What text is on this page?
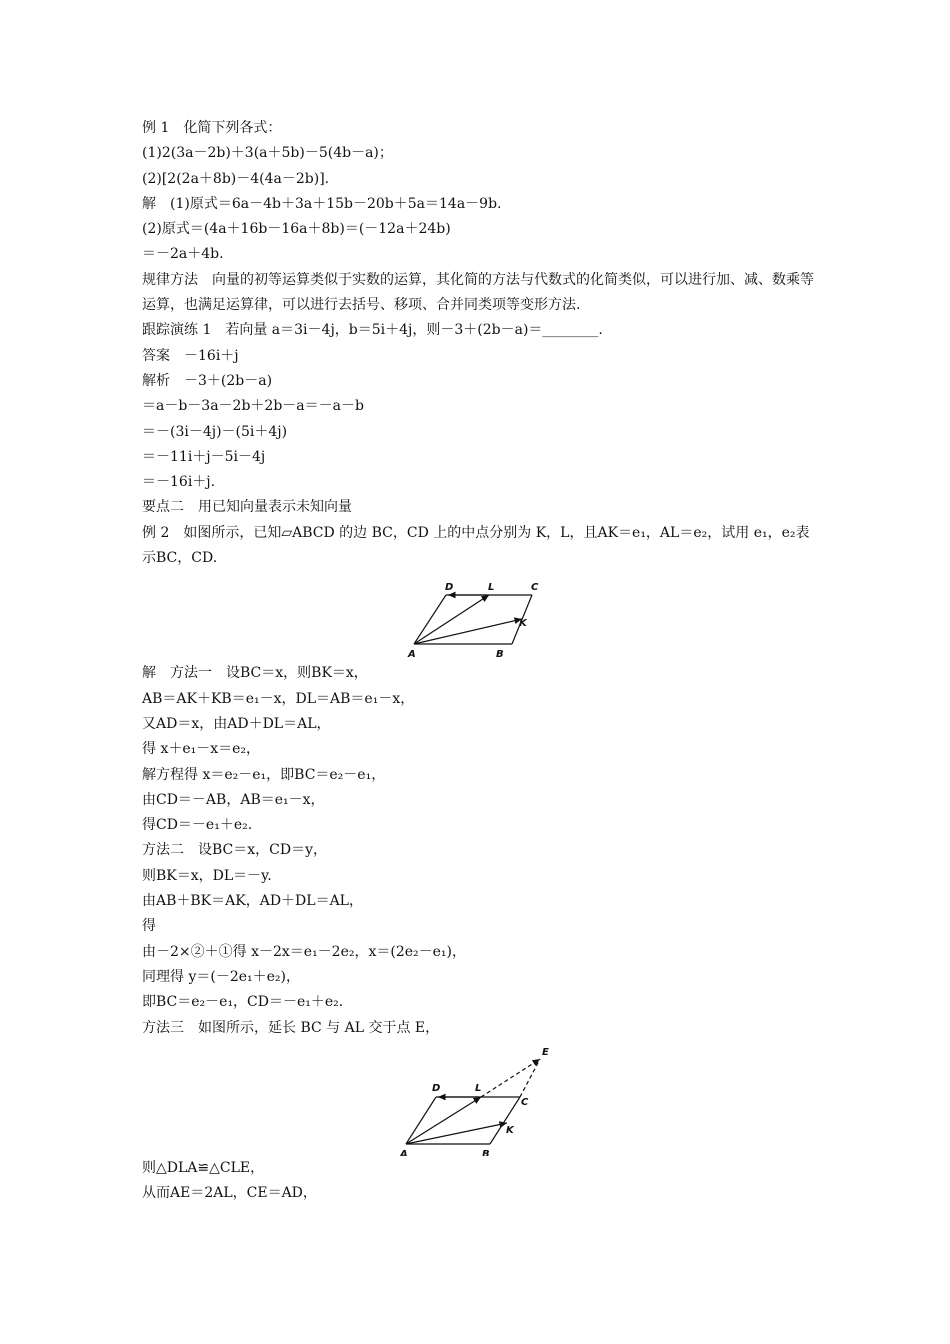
例 1　化简下列各式：
(1)2(3a－2b)＋3(a＋5b)－5(4b－a)；
(2)[2(2a＋8b)－4(4a－2b)].
解　(1)原式＝6a－4b＋3a＋15b－20b＋5a＝14a－9b.
(2)原式＝(4a＋16b－16a＋8b)＝(－12a＋24b)
＝－2a＋4b.
规律方法　向量的初等运算类似于实数的运算，其化简的方法与代数式的化简类似，可以进行加、减、数乘等运算，也满足运算律，可以进行去括号、移项、合并同类项等变形方法.
跟踪演练 1　若向量 a＝3i－4j，b＝5i＋4j，则－3＋(2b－a)＝________.
答案　－16i＋j
解析　－3＋(2b－a)
＝a－b－3a－2b＋2b－a＝－a－b
＝－(3i－4j)－(5i＋4j)
＝－11i＋j－5i－4j
＝－16i＋j.
要点二　用已知向量表示未知向量
例 2　如图所示，已知▱ABCD 的边 BC，CD 上的中点分别为 K，L，且AK＝e₁，AL＝e₂，试用 e₁，e₂表示BC，CD.
A	B
C
D
K
L
解　方法一　设BC＝x，则BK＝x，
AB＝AK＋KB＝e₁－x，DL＝AB＝e₁－x，
又AD＝x，由AD＋DL＝AL，
得 x＋e₁－x＝e₂，
解方程得 x＝e₂－e₁，即BC＝e₂－e₁，
由CD＝－AB，AB＝e₁－x，
得CD＝－e₁＋e₂.
方法二　设BC＝x，CD＝y，
则BK＝x，DL＝－y.
由AB＋BK＝AK，AD＋DL＝AL，
得
由－2×②＋①得 x－2x＝e₁－2e₂，x＝(2e₂－e₁)，
同理得 y＝(－2e₁＋e₂)，
即BC＝e₂－e₁，CD＝－e₁＋e₂.
方法三　如图所示，延长 BC 与 AL 交于点 E，
A	B
C
D
K
L
E
则△DLA≌△CLE，
从而AE＝2AL，CE＝AD，
